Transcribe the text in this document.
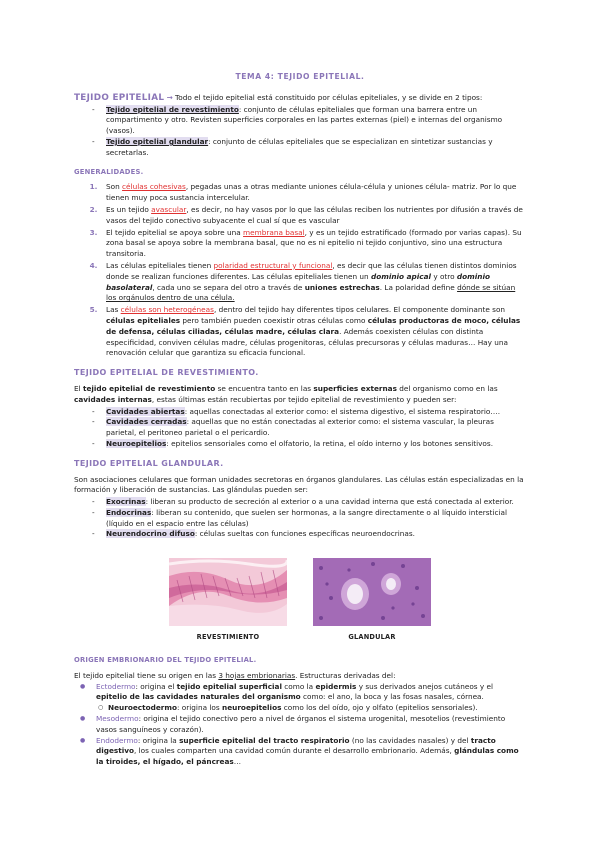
TEMA 4: TEJIDO EPITELIAL.

TEJIDO EPITELIAL → Todo el tejido epitelial está constituido por células epiteliales, y se divide en 2 tipos:

- Tejido epitelial de revestimiento: conjunto de células epiteliales que forman una barrera entre un compartimento y otro. Revisten superficies corporales en las partes externas (piel) e internas del organismo (vasos).
- Tejido epitelial glandular: conjunto de células epiteliales que se especializan en sintetizar sustancias y secretarlas.
GENERALIDADES.
1. Son células cohesivas, pegadas unas a otras mediante uniones célula-célula y uniones célula- matriz. Por lo que tienen muy poca sustancia intercelular.
2. Es un tejido avascular, es decir, no hay vasos por lo que las células reciben los nutrientes por difusión a través de vasos del tejido conectivo subyacente el cual sí que es vascular
3. El tejido epitelial se apoya sobre una membrana basal, y es un tejido estratificado (formado por varias capas). Su zona basal se apoya sobre la membrana basal, que no es ni epitelio ni tejido conjuntivo, sino una estructura transitoria.
4. Las células epiteliales tienen polaridad estructural y funcional, es decir que las células tienen distintos dominios donde se realizan funciones diferentes. Las células epiteliales tienen un dominio apical y otro dominio basolateral, cada uno se separa del otro a través de uniones estrechas. La polaridad define dónde se sitúan los orgánulos dentro de una célula.
5. Las células son heterogéneas, dentro del tejido hay diferentes tipos celulares. El componente dominante son células epiteliales pero también pueden coexistir otras células como células productoras de moco, células de defensa, células ciliadas, células madre, células clara. Además coexisten células con distinta especificidad, conviven células madre, células progenitoras, células precursoras y células maduras… Hay una renovación celular que garantiza su eficacia funcional.
TEJIDO EPITELIAL DE REVESTIMIENTO.

El tejido epitelial de revestimiento se encuentra tanto en las superficies externas del organismo como en las cavidades internas, estas últimas están recubiertas por tejido epitelial de revestimiento y pueden ser:

- Cavidades abiertas: aquellas conectadas al exterior como: el sistema digestivo, el sistema respiratorio….
- Cavidades cerradas: aquellas que no están conectadas al exterior como: el sistema vascular, la pleuras parietal, el peritoneo parietal o el pericardio.
- Neuroepitelios: epitelios sensoriales como el olfatorio, la retina, el oído interno y los botones sensitivos.
TEJIDO EPITELIAL GLANDULAR.

Son asociaciones celulares que forman unidades secretoras en órganos glandulares. Las células están especializadas en la formación y liberación de sustancias. Las glándulas pueden ser:

- Exocrinas: liberan su producto de secreción al exterior o a una cavidad interna que está conectada al exterior.
- Endocrinas: liberan su contenido, que suelen ser hormonas, a la sangre directamente o al líquido intersticial (líquido en el espacio entre las células)
- Neurendocrino difuso: células sueltas con funciones específicas neuroendocrinas.
REVESTIMIENTO	GLANDULAR
ORIGEN EMBRIONARIO DEL TEJIDO EPITELIAL.

El tejido epitelial tiene su origen en las 3 hojas embrionarias. Estructuras derivadas del:

● Ectodermo: origina el tejido epitelial superficial como la epidermis y sus derivados anejos cutáneos y el epitelio de las cavidades naturales del organismo como: el ano, la boca y las fosas nasales, córnea.
○ Neuroectodermo: origina los neuroepitelios como los del oído, ojo y olfato (epitelios sensoriales).
● Mesodermo: origina el tejido conectivo pero a nivel de órganos el sistema urogenital, mesotelios (revestimiento vasos sanguíneos y corazón).
● Endodermo: origina la superficie epitelial del tracto respiratorio (no las cavidades nasales) y del tracto digestivo, los cuales comparten una cavidad común durante el desarrollo embrionario. Además, glándulas como la tiroides, el hígado, el páncreas…
